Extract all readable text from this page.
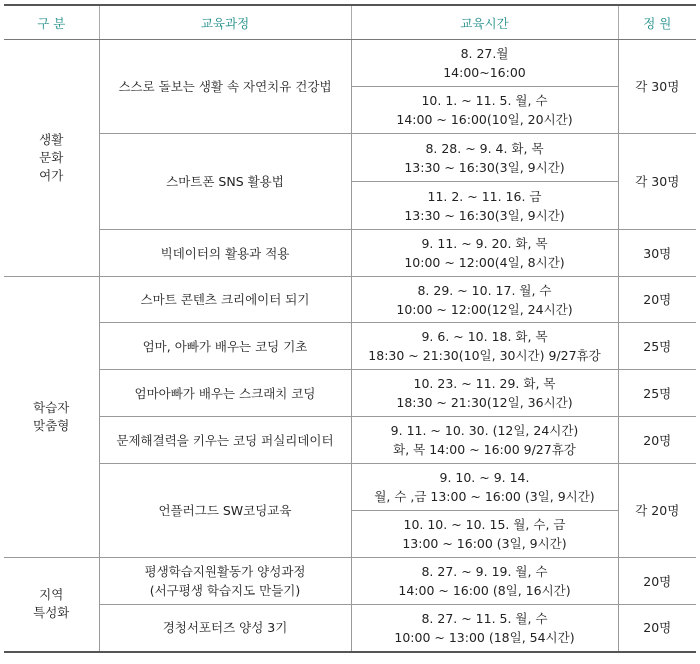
구 분	교육과정	교육시간	정 원

생활
문화
여가	스스로 돌보는 생활 속 자연치유 건강법	8. 27.월
14:00~16:00	각 30명

		10. 1. ~ 11. 5. 월, 수
14:00 ~ 16:00(10일, 20시간)	

	스마트폰 SNS 활용법	8. 28. ~ 9. 4. 화, 목
13:30 ~ 16:30(3일, 9시간)	각 30명

		11. 2. ~ 11. 16. 금
13:30 ~ 16:30(3일, 9시간)	

	빅데이터의 활용과 적용	9. 11. ~ 9. 20. 화, 목
10:00 ~ 12:00(4일, 8시간)	30명

학습자
맞춤형	스마트 콘텐츠 크리에이터 되기	8. 29. ~ 10. 17. 월, 수
10:00 ~ 12:00(12일, 24시간)	20명

	엄마, 아빠가 배우는 코딩 기초	9. 6. ~ 10. 18. 화, 목
18:30 ~ 21:30(10일, 30시간) 9/27휴강	25명

	엄마아빠가 배우는 스크래치 코딩	10. 23. ~ 11. 29. 화, 목
18:30 ~ 21:30(12일, 36시간)	25명

	문제해결력을 키우는 코딩 퍼실리데이터	9. 11. ~ 10. 30. (12일, 24시간)
화, 목 14:00 ~ 16:00 9/27휴강	20명

	언플러그드 SW코딩교육	9. 10. ~ 9. 14.
월, 수 ,금 13:00 ~ 16:00 (3일, 9시간)	각 20명

		10. 10. ~ 10. 15. 월, 수, 금
13:00 ~ 16:00 (3일, 9시간)	

지역
특성화	평생학습지원활동가 양성과정
(서구평생 학습지도 만들기)	8. 27. ~ 9. 19. 월, 수
14:00 ~ 16:00 (8일, 16시간)	20명

	경청서포터즈 양성 3기	8. 27. ~ 11. 5. 월, 수
10:00 ~ 13:00 (18일, 54시간)	20명
